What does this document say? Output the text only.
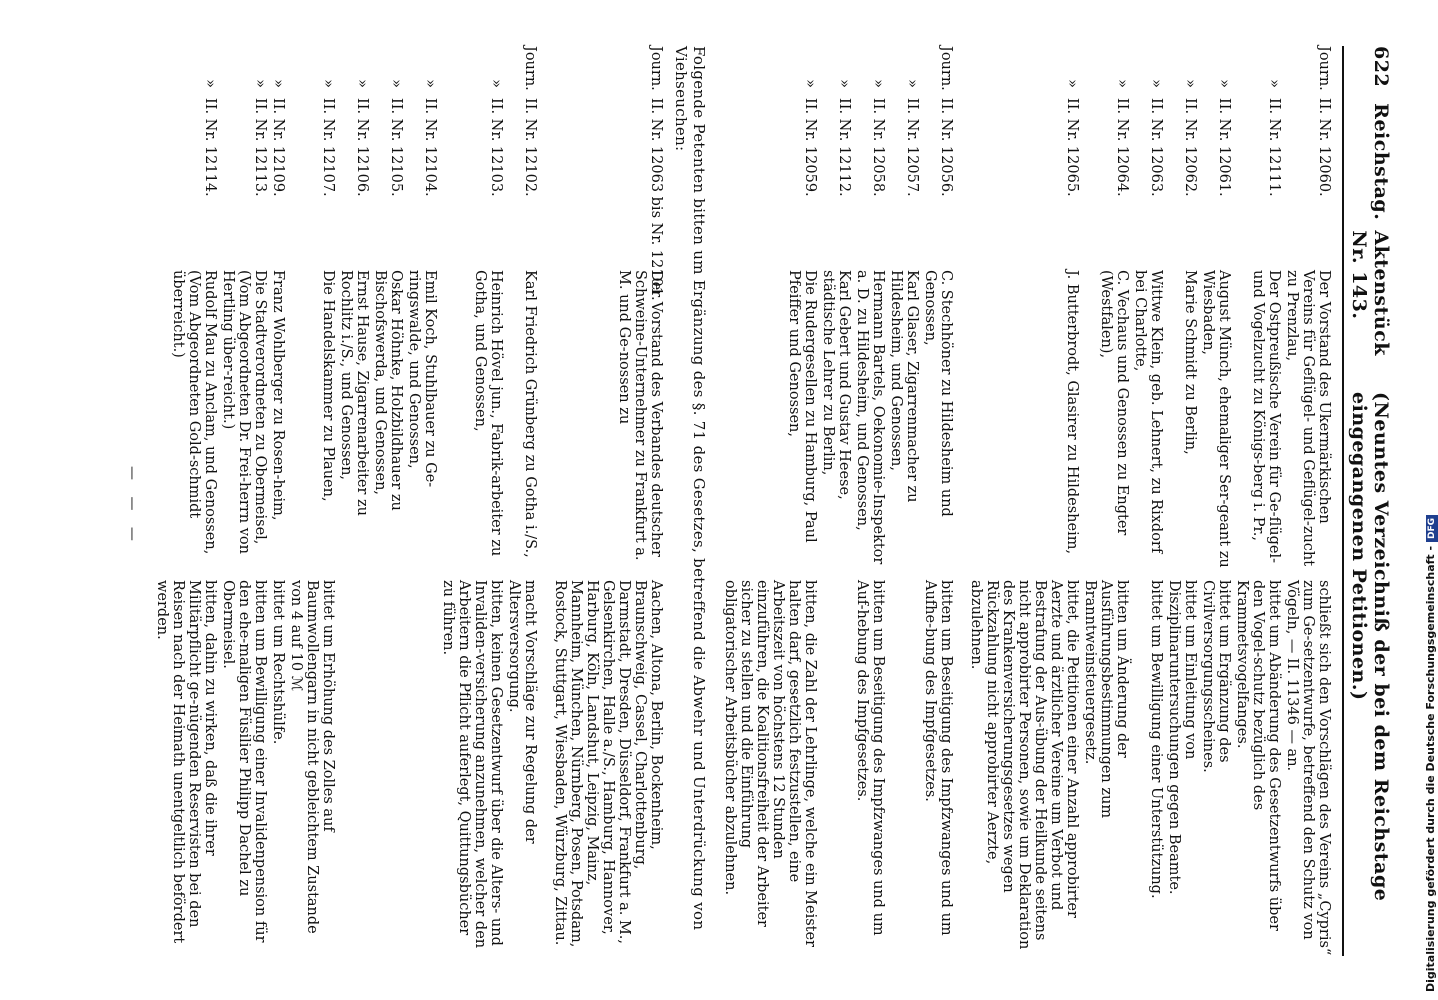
622
Reichstag.
Aktenstück Nr. 143.
(Neuntes Verzeichniß der bei dem Reichstage eingegangenen Petitionen.)
Journ.
II. Nr. 12060.
Der Vorstand des Ukermärkischen Vereins für Geflügel- und Geflügel-zucht zu Prenzlau,
schließt sich den Vorschlägen des Vereins „Cypris“ zum Ge-setzentwurfe, betreffend den Schutz von Vögeln, — II. 11346 — an.
»
II. Nr. 12111.
Der Ostpreußische Verein für Ge-flügel- und Vogelzucht zu Königs-berg i. Pr.,
bittet um Abänderung des Gesetzentwurfs über den Vogel-schutz bezüglich des Krammetsvogelfanges.
»
II. Nr. 12061.
August Münch, ehemaliger Ser-geant zu Wiesbaden,
bittet um Ergänzung des Civilversorgungsscheines.
»
II. Nr. 12062.
Marie Schmidt zu Berlin,
bittet um Einleitung von Disziplinaruntersuchungen gegen Beamte.
»
II. Nr. 12063.
Wittwe Klein, geb. Lehnert, zu Rixdorf bei Charlotte,
bittet um Bewilligung einer Unterstützung.
»
II. Nr. 12064.
C. Vechaus und Genossen zu Engter (Westfalen),
bitten um Änderung der Ausführungsbestimmungen zum Branntweinsteuergesetz.
»
II. Nr. 12065.
J. Butterbrodt, Glasirer zu Hildesheim,
bittet, die Petitionen einer Anzahl approbirter Aerzte und ärztlicher Vereine um Verbot und Bestrafung der Aus-übung der Heilkunde seitens nicht approbirter Personen, sowie um Deklaration des Krankenversicherungsgesetzes wegen Rückzahlung nicht approbirter Aerzte, abzulehnen.
Journ.
II. Nr. 12056.
C. Stechhöner zu Hildesheim und Genossen,
bitten um Beseitigung des Impfzwanges und um Aufhe-bung des Impfgesetzes.
»
II. Nr. 12057.
Karl Glaser, Zigarrenmacher zu Hildesheim, und Genossen,
»
II. Nr. 12058.
Hermann Bartels, Oekonomie-Inspektor a. D. zu Hildesheim, und Genossen,
bitten um Beseitigung des Impfzwanges und um Auf-hebung des Impfgesetzes.
»
II. Nr. 12112.
Karl Gebert und Gustav Heese, städtische Lehrer zu Berlin,
»
II. Nr. 12059.
Die Rudergesellen zu Hamburg, Paul Pfeiffer und Genossen,
bitten, die Zahl der Lehrlinge, welche ein Meister halten darf, gesetzlich festzustellen, eine Arbeitszeit von höchstens 12 Stunden einzuführen, die Koalitionsfreiheit der Arbeiter sicher zu stellen und die Einführung obligatorischer Arbeitsbücher abzulehnen.
Folgende Petenten bitten um Ergänzung des §. 71 des Gesetzes, betreffend die Abwehr und Unterdrückung von Viehseuchen:
Journ.
II. Nr. 12063 bis Nr. 12101.
Der Vorstand des Verbandes deutscher Schweine-Unternehmer zu Frankfurt a. M. und Ge-nossen zu
Aachen, Altona, Berlin, Bockenheim, Braunschweig, Cassel, Charlottenburg, Darmstadt, Dresden, Düsseldorf, Frankfurt a. M., Gelsenkirchen, Halle a./S., Hamburg, Hannover, Harburg, Köln, Landshut, Leipzig, Mainz, Mannheim, München, Nürnberg, Posen, Potsdam, Rostock, Stuttgart, Wiesbaden, Würzburg, Zittau.
Journ.
II. Nr. 12102.
Karl Friedrich Grünberg zu Gotha i./S.,
macht Vorschläge zur Regelung der Altersversorgung.
»
II. Nr. 12103.
Heinrich Hövel jun., Fabrik-arbeiter zu Gotha, und Genossen,
bitten, keinen Gesetzentwurf über die Alters- und Invaliden-versicherung anzunehmen, welcher den Arbeitern die Pflicht auferlegt, Quittungsbücher zu führen.
»
II. Nr. 12104.
Emil Koch, Stuhlbauer zu Ge-ringswalde, und Genossen,
»
II. Nr. 12105.
Oskar Höhnke, Holzbildhauer zu Bischofswerda, und Genossen,
»
II. Nr. 12106.
Ernst Hause, Zigarrenarbeiter zu Rochlitz i./S., und Genossen,
»
II. Nr. 12107.
Die Handelskammer zu Plauen,
bittet um Erhöhung des Zolles auf Baumwollengarn in nicht gebleichtem Zustande von 4 auf 10 ℳ
»
II. Nr. 12109.
Franz Wohlberger zu Rosen-heim,
bittet um Rechtshülfe.
»
II. Nr. 12113.
Die Stadtverordneten zu Obermeisel, (Vom Abgeordneten Dr. Frei-herrn von Hertling über-reicht.)
bitten um Bewilligung einer Invalidenpension für den ehe-maligen Füsilier Philipp Dachel zu Obermeisel.
»
II. Nr. 12114.
Rudolf Mau zu Anclam, und Genossen, (Vom Abgeordneten Gold-schmidt überreicht.)
bitten, dahin zu wirken, daß die ihrer Militärpflicht ge-nügenden Reservisten bei den Reisen nach der Heimath unentgeltlich befördert werden.
— — —
Digitalisierung gefördert durch die Deutsche Forschungsgemeinschaft -DFG
